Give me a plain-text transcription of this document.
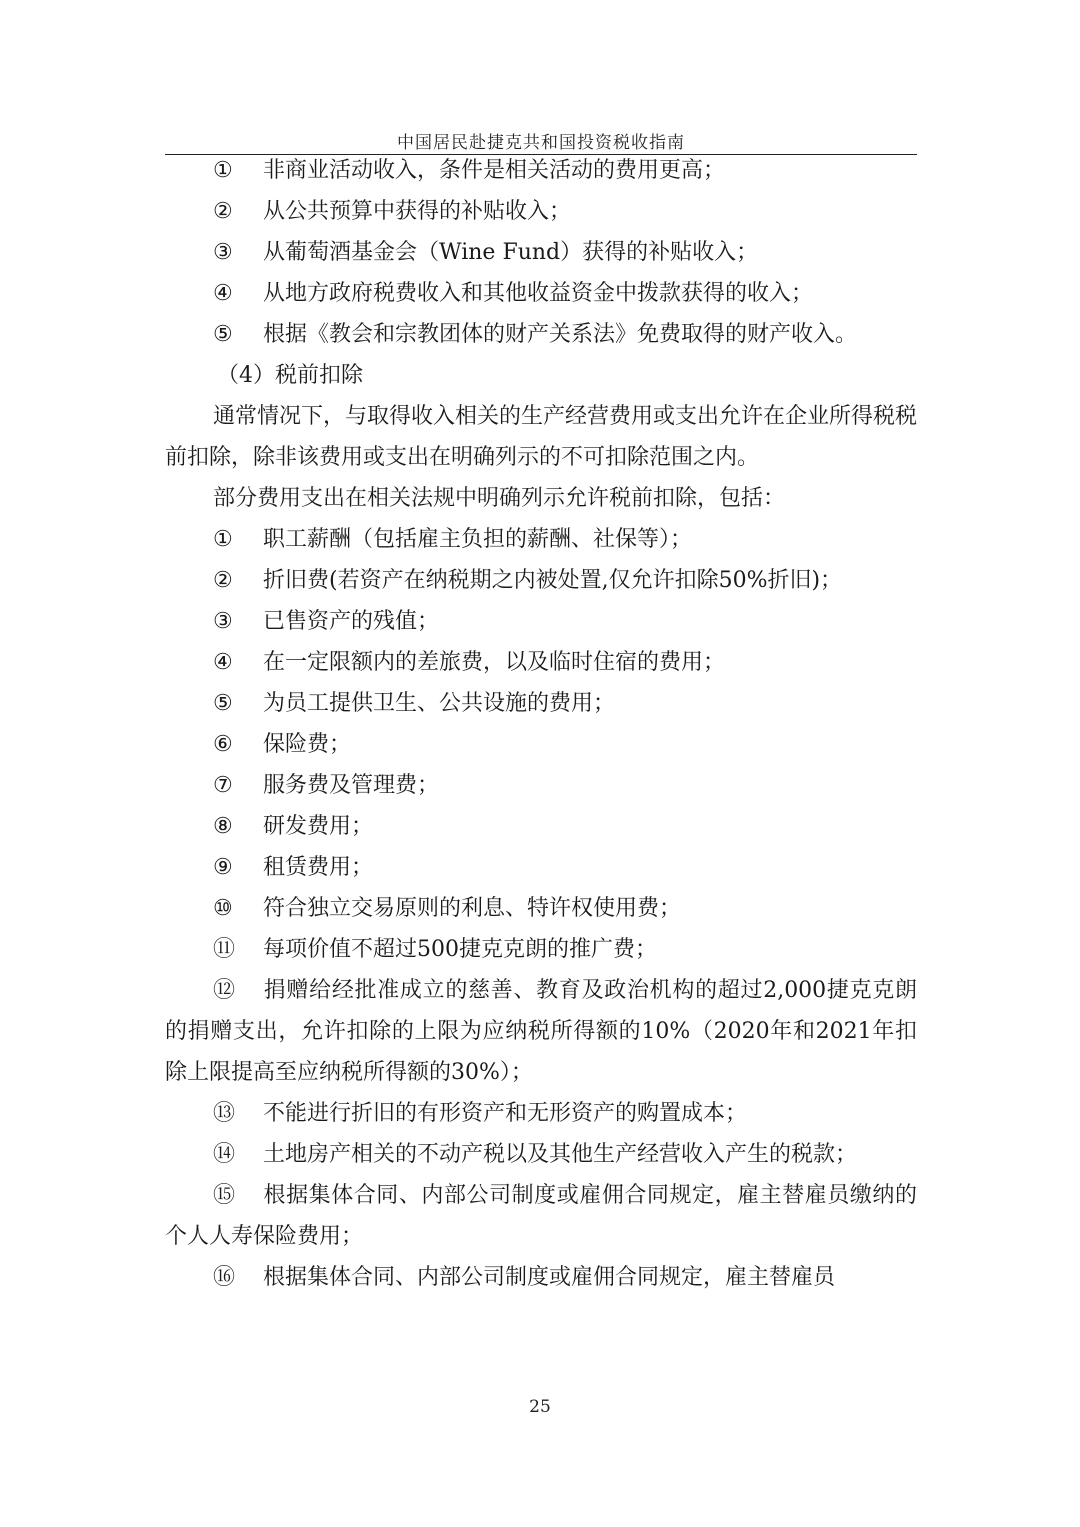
中国居民赴捷克共和国投资税收指南
① 非商业活动收入，条件是相关活动的费用更高；
② 从公共预算中获得的补贴收入；
③ 从葡萄酒基金会（Wine Fund）获得的补贴收入；
④ 从地方政府税费收入和其他收益资金中拨款获得的收入；
⑤ 根据《教会和宗教团体的财产关系法》免费取得的财产收入。
（4）税前扣除
通常情况下，与取得收入相关的生产经营费用或支出允许在企业所得税税前扣除，除非该费用或支出在明确列示的不可扣除范围之内。
部分费用支出在相关法规中明确列示允许税前扣除，包括：
① 职工薪酬（包括雇主负担的薪酬、社保等）；
② 折旧费(若资产在纳税期之内被处置,仅允许扣除50%折旧)；
③ 已售资产的残值；
④ 在一定限额内的差旅费，以及临时住宿的费用；
⑤ 为员工提供卫生、公共设施的费用；
⑥ 保险费；
⑦ 服务费及管理费；
⑧ 研发费用；
⑨ 租赁费用；
⑩ 符合独立交易原则的利息、特许权使用费；
⑪ 每项价值不超过500捷克克朗的推广费；
⑫ 捐赠给经批准成立的慈善、教育及政治机构的超过2,000捷克克朗的捐赠支出，允许扣除的上限为应纳税所得额的10%（2020年和2021年扣除上限提高至应纳税所得额的30%）；
⑬ 不能进行折旧的有形资产和无形资产的购置成本；
⑭ 土地房产相关的不动产税以及其他生产经营收入产生的税款；
⑮ 根据集体合同、内部公司制度或雇佣合同规定，雇主替雇员缴纳的个人人寿保险费用；
⑯ 根据集体合同、内部公司制度或雇佣合同规定，雇主替雇员
25
